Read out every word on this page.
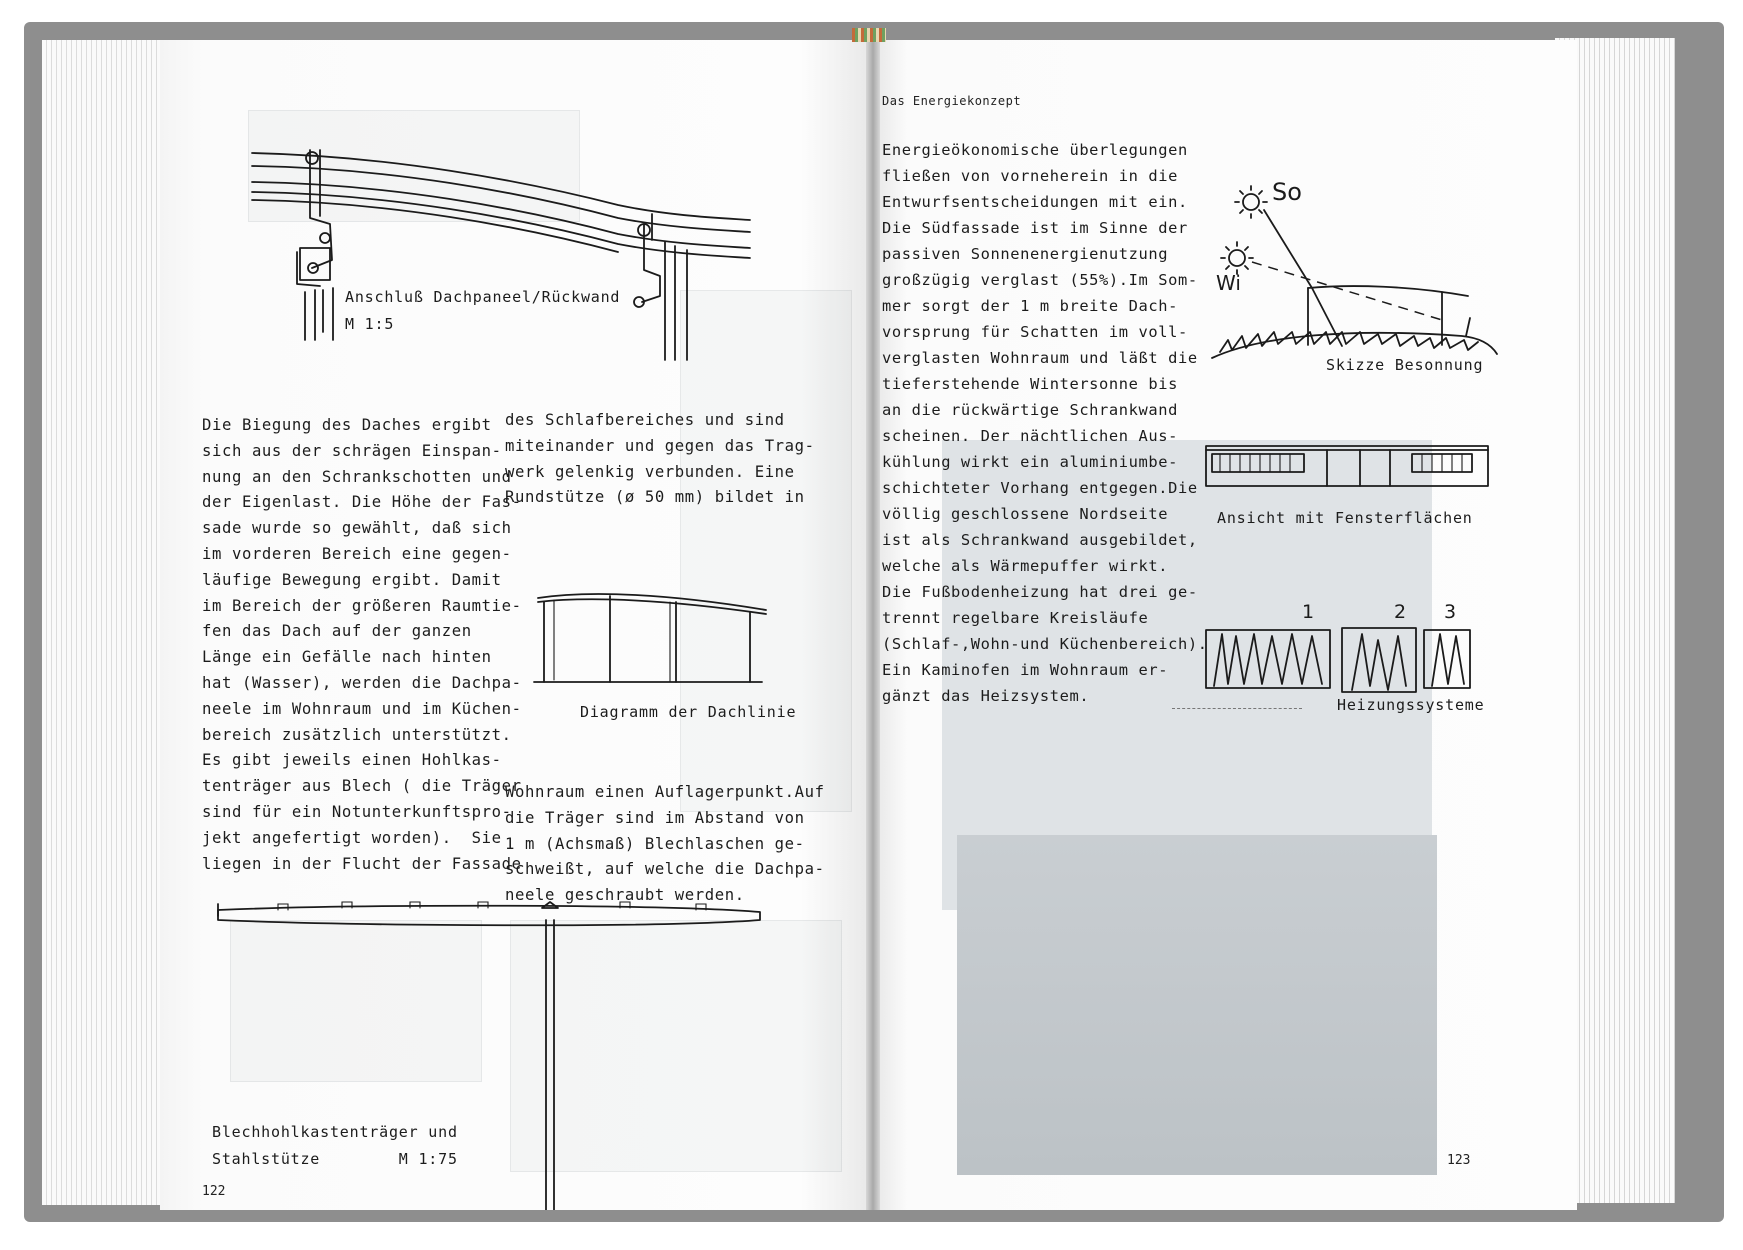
Anschluß Dachpaneel/Rückwand
M 1:5
Die Biegung des Daches ergibt
sich aus der schrägen Einspan-
nung an den Schrankschotten und
der Eigenlast. Die Höhe der Fas-
sade wurde so gewählt, daß sich
im vorderen Bereich eine gegen-
läufige Bewegung ergibt. Damit
im Bereich der größeren Raumtie-
fen das Dach auf der ganzen
Länge ein Gefälle nach hinten
hat (Wasser), werden die Dachpa-
neele im Wohnraum und im Küchen-
bereich zusätzlich unterstützt.
Es gibt jeweils einen Hohlkas-
tenträger aus Blech ( die Träger
sind für ein Notunterkunftspro-
jekt angefertigt worden).  Sie
liegen in der Flucht der Fassade
des Schlafbereiches und sind
miteinander und gegen das Trag-
werk gelenkig verbunden. Eine
Rundstütze (ø 50 mm) bildet in
Diagramm der Dachlinie
Wohnraum einen Auflagerpunkt.Auf
die Träger sind im Abstand von
1 m (Achsmaß) Blechlaschen ge-
schweißt, auf welche die Dachpa-
neele geschraubt werden.
Blechhohlkastenträger und
Stahlstütze        M 1:75
122
Das Energiekonzept
Energieökonomische überlegungen
fließen von vorneherein in die
Entwurfsentscheidungen mit ein.
Die Südfassade ist im Sinne der
passiven Sonnenenergienutzung
großzügig verglast (55%).Im Som-
mer sorgt der 1 m breite Dach-
vorsprung für Schatten im voll-
verglasten Wohnraum und läßt die
tieferstehende Wintersonne bis
an die rückwärtige Schrankwand
scheinen. Der nächtlichen Aus-
kühlung wirkt ein aluminiumbe-
schichteter Vorhang entgegen.Die
völlig geschlossene Nordseite
ist als Schrankwand ausgebildet,
welche als Wärmepuffer wirkt.
Die Fußbodenheizung hat drei ge-
trennt regelbare Kreisläufe
(Schlaf-,Wohn-und Küchenbereich).
Ein Kaminofen im Wohnraum er-
gänzt das Heizsystem.
So
Wi
Skizze Besonnung
Ansicht mit Fensterflächen
1	2 3
Heizungssysteme
123
